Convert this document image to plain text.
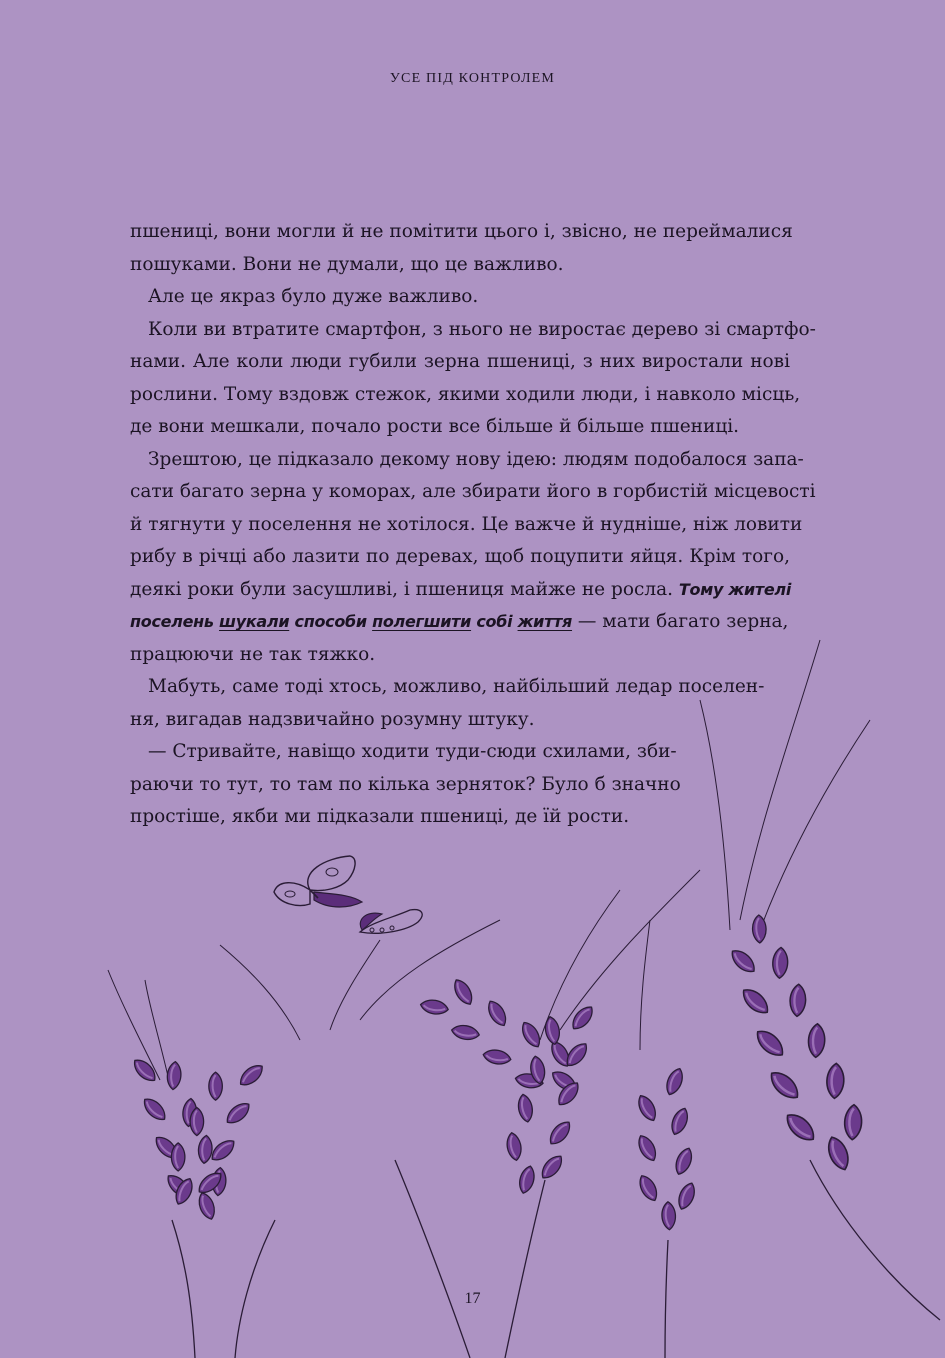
УСЕ ПІД КОНТРОЛЕМ
пшениці, вони могли й не помітити цього і, звісно, не переймалися
пошуками. Вони не думали, що це важливо.
Але це якраз було дуже важливо.
Коли ви втратите смартфон, з нього не виростає дерево зі смартфо-
нами. Але коли люди губили зерна пшениці, з них виростали нові
рослини. Тому вздовж стежок, якими ходили люди, і навколо місць,
де вони мешкали, почало рости все більше й більше пшениці.
Зрештою, це підказало декому нову ідею: людям подобалося запа-
сати багато зерна у коморах, але збирати його в горбистій місцевості
й тягнути у поселення не хотілося. Це важче й нудніше, ніж ловити
рибу в річці або лазити по деревах, щоб поцупити яйця. Крім того,
деякі роки були засушливі, і пшениця майже не росла. Тому жителі
поселень шукали способи полегшити собі життя — мати багато зерна,
працюючи не так тяжко.
Мабуть, саме тоді хтось, можливо, найбільший ледар поселен-
ня, вигадав надзвичайно розумну штуку.
— Стривайте, навіщо ходити туди-сюди схилами, зби-
раючи то тут, то там по кілька зерняток? Було б значно
простіше, якби ми підказали пшениці, де їй рости.
17
